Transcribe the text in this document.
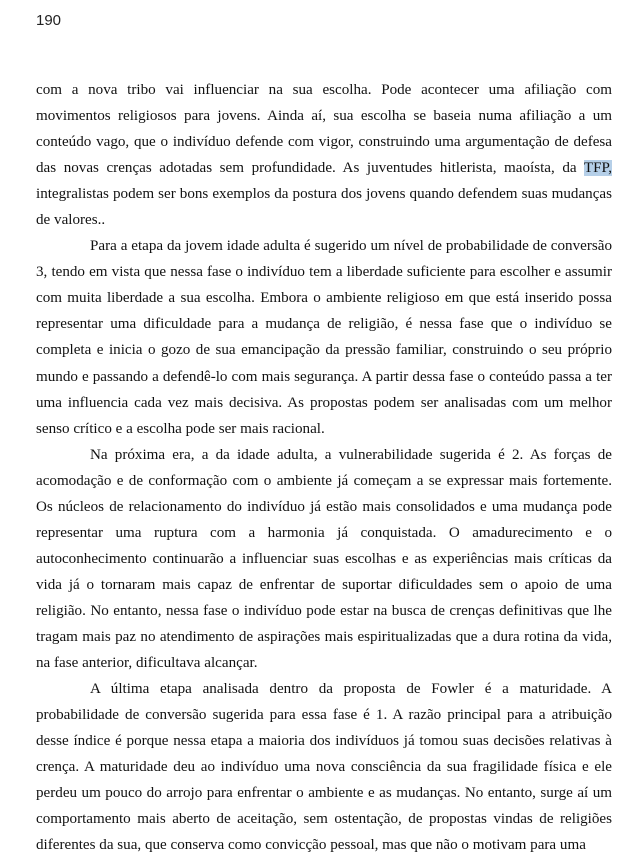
190

com a nova tribo vai influenciar na sua escolha. Pode acontecer uma afiliação com movimentos religiosos para jovens. Ainda aí, sua escolha se baseia numa afiliação a um conteúdo vago, que o indivíduo defende com vigor, construindo uma argumentação de defesa das novas crenças adotadas sem profundidade. As juventudes hitlerista, maoísta, da TFP, integralistas podem ser bons exemplos da postura dos jovens quando defendem suas mudanças de valores..

Para a etapa da jovem idade adulta é sugerido um nível de probabilidade de conversão 3, tendo em vista que nessa fase o indivíduo tem a liberdade suficiente para escolher e assumir com muita liberdade a sua escolha. Embora o ambiente religioso em que está inserido possa representar uma dificuldade para a mudança de religião, é nessa fase que o indivíduo se completa e inicia o gozo de sua emancipação da pressão familiar, construindo o seu próprio mundo e passando a defendê-lo com mais segurança. A partir dessa fase o conteúdo passa a ter uma influencia cada vez mais decisiva. As propostas podem ser analisadas com um melhor senso crítico e a escolha pode ser mais racional.

Na próxima era, a da idade adulta, a vulnerabilidade sugerida é 2. As forças de acomodação e de conformação com o ambiente já começam a se expressar mais fortemente. Os núcleos de relacionamento do indivíduo já estão mais consolidados e uma mudança pode representar uma ruptura com a harmonia já conquistada. O amadurecimento e o autoconhecimento continuarão a influenciar suas escolhas e as experiências mais críticas da vida já o tornaram mais capaz de enfrentar de suportar dificuldades sem o apoio de uma religião. No entanto, nessa fase o indivíduo pode estar na busca de crenças definitivas que lhe tragam mais paz no atendimento de aspirações mais espiritualizadas que a dura rotina da vida, na fase anterior, dificultava alcançar.

A última etapa analisada dentro da proposta de Fowler é a maturidade. A probabilidade de conversão sugerida para essa fase é 1. A razão principal para a atribuição desse índice é porque nessa etapa a maioria dos indivíduos já tomou suas decisões relativas à crença. A maturidade deu ao indivíduo uma nova consciência da sua fragilidade física e ele perdeu um pouco do arrojo para enfrentar o ambiente e as mudanças. No entanto, surge aí um comportamento mais aberto de aceitação, sem ostentação, de propostas vindas de religiões diferentes da sua, que conserva como convicção pessoal, mas que não o motivam para uma
